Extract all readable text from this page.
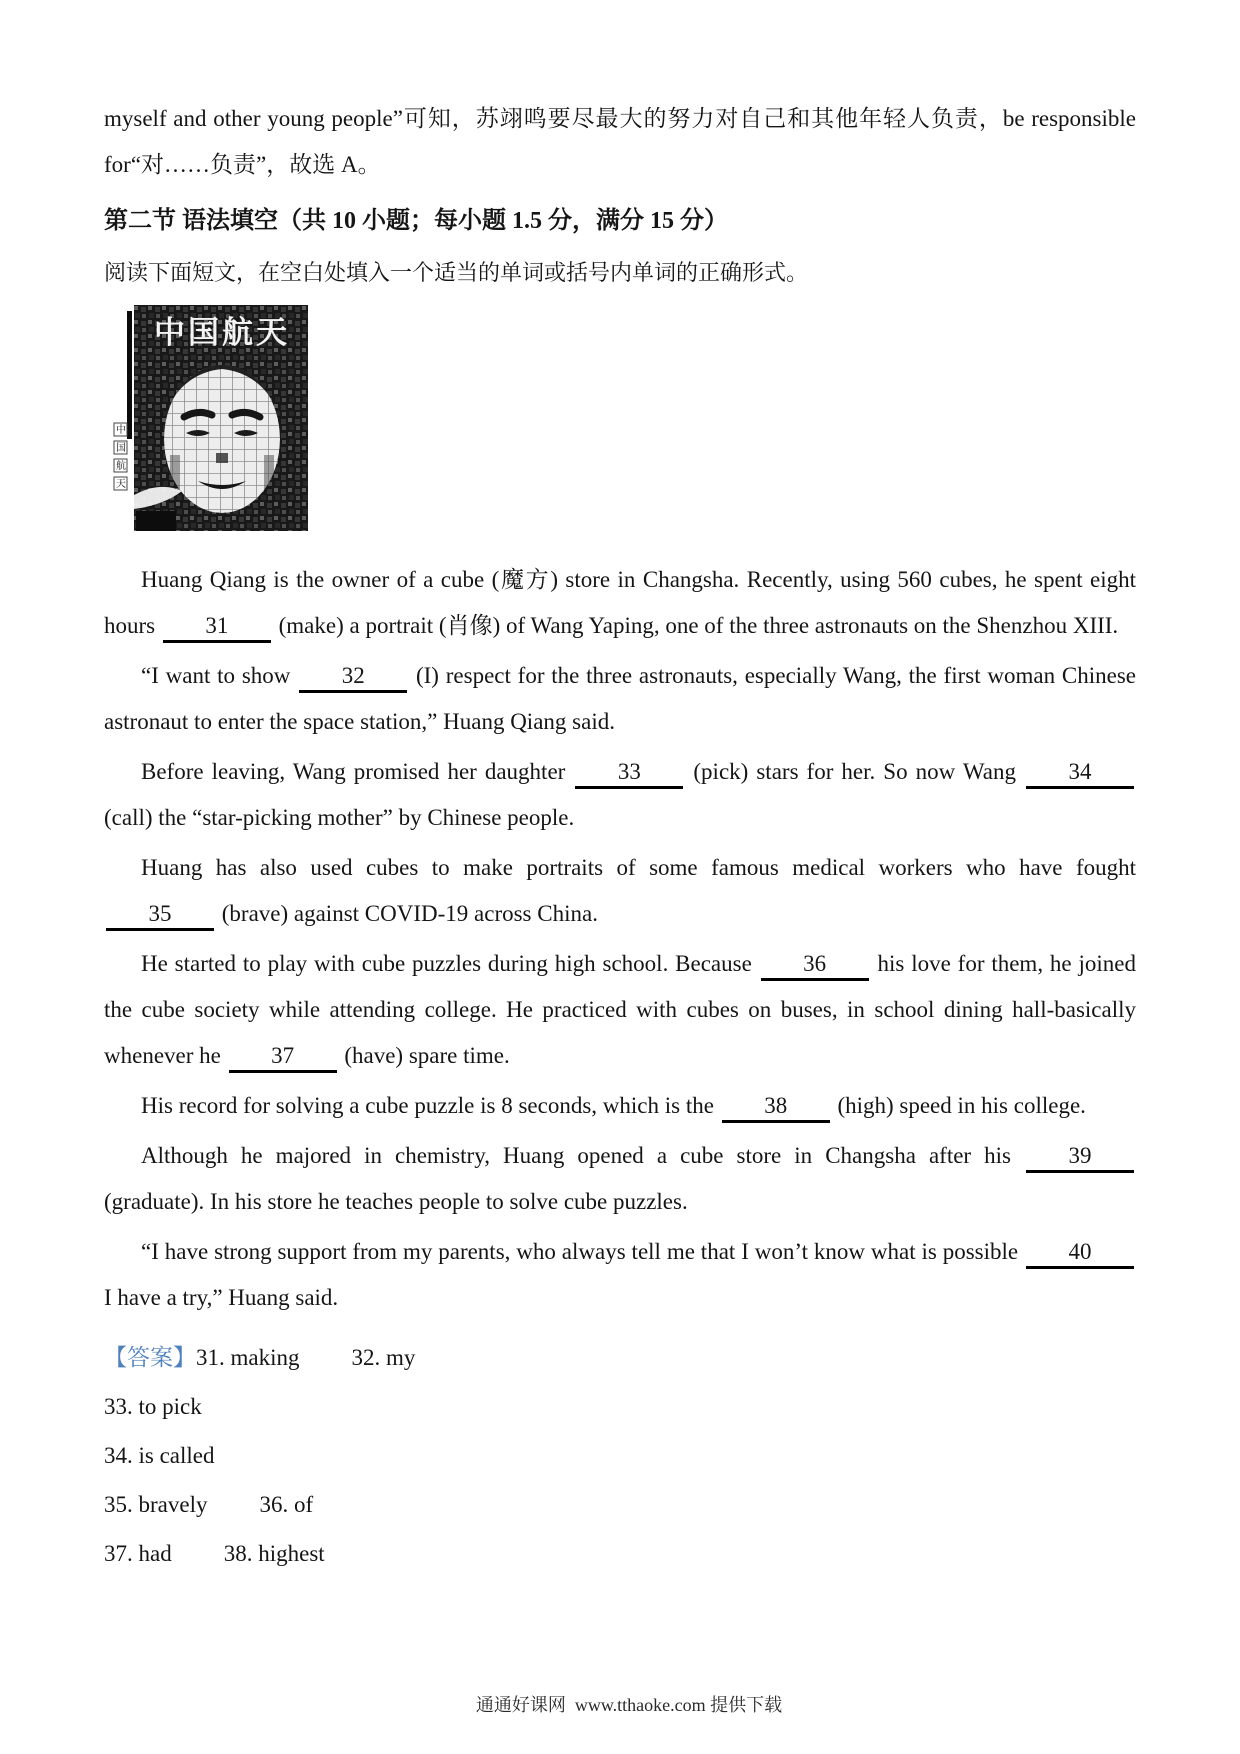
myself and other young people”可知，苏翊鸣要尽最大的努力对自己和其他年轻人负责，be responsible for“对……负责”，故选 A。

第二节 语法填空（共 10 小题；每小题 1.5 分，满分 15 分）

阅读下面短文，在空白处填入一个适当的单词或括号内单词的正确形式。

中
国
航
天
中国航天

Huang Qiang is the owner of a cube (魔方) store in Changsha. Recently, using 560 cubes, he spent eight hours 31 (make) a portrait (肖像) of Wang Yaping, one of the three astronauts on the Shenzhou XIII.

“I want to show 32 (I) respect for the three astronauts, especially Wang, the first woman Chinese astronaut to enter the space station,” Huang Qiang said.

Before leaving, Wang promised her daughter 33 (pick) stars for her. So now Wang 34 (call) the “star-picking mother” by Chinese people.

Huang has also used cubes to make portraits of some famous medical workers who have fought 35 (brave) against COVID-19 across China.

He started to play with cube puzzles during high school. Because 36 his love for them, he joined the cube society while attending college. He practiced with cubes on buses, in school dining hall-basically whenever he 37 (have) spare time.

His record for solving a cube puzzle is 8 seconds, which is the 38 (high) speed in his college.

Although he majored in chemistry, Huang opened a cube store in Changsha after his 39 (graduate). In his store he teaches people to solve cube puzzles.

“I have strong support from my parents, who always tell me that I won’t know what is possible 40 I have a try,” Huang said.

【答案】31. making 32. my

33. to pick

34. is called

35. bravely 36. of

37. had 38. highest

通通好课网  www.tthaoke.com 提供下载
